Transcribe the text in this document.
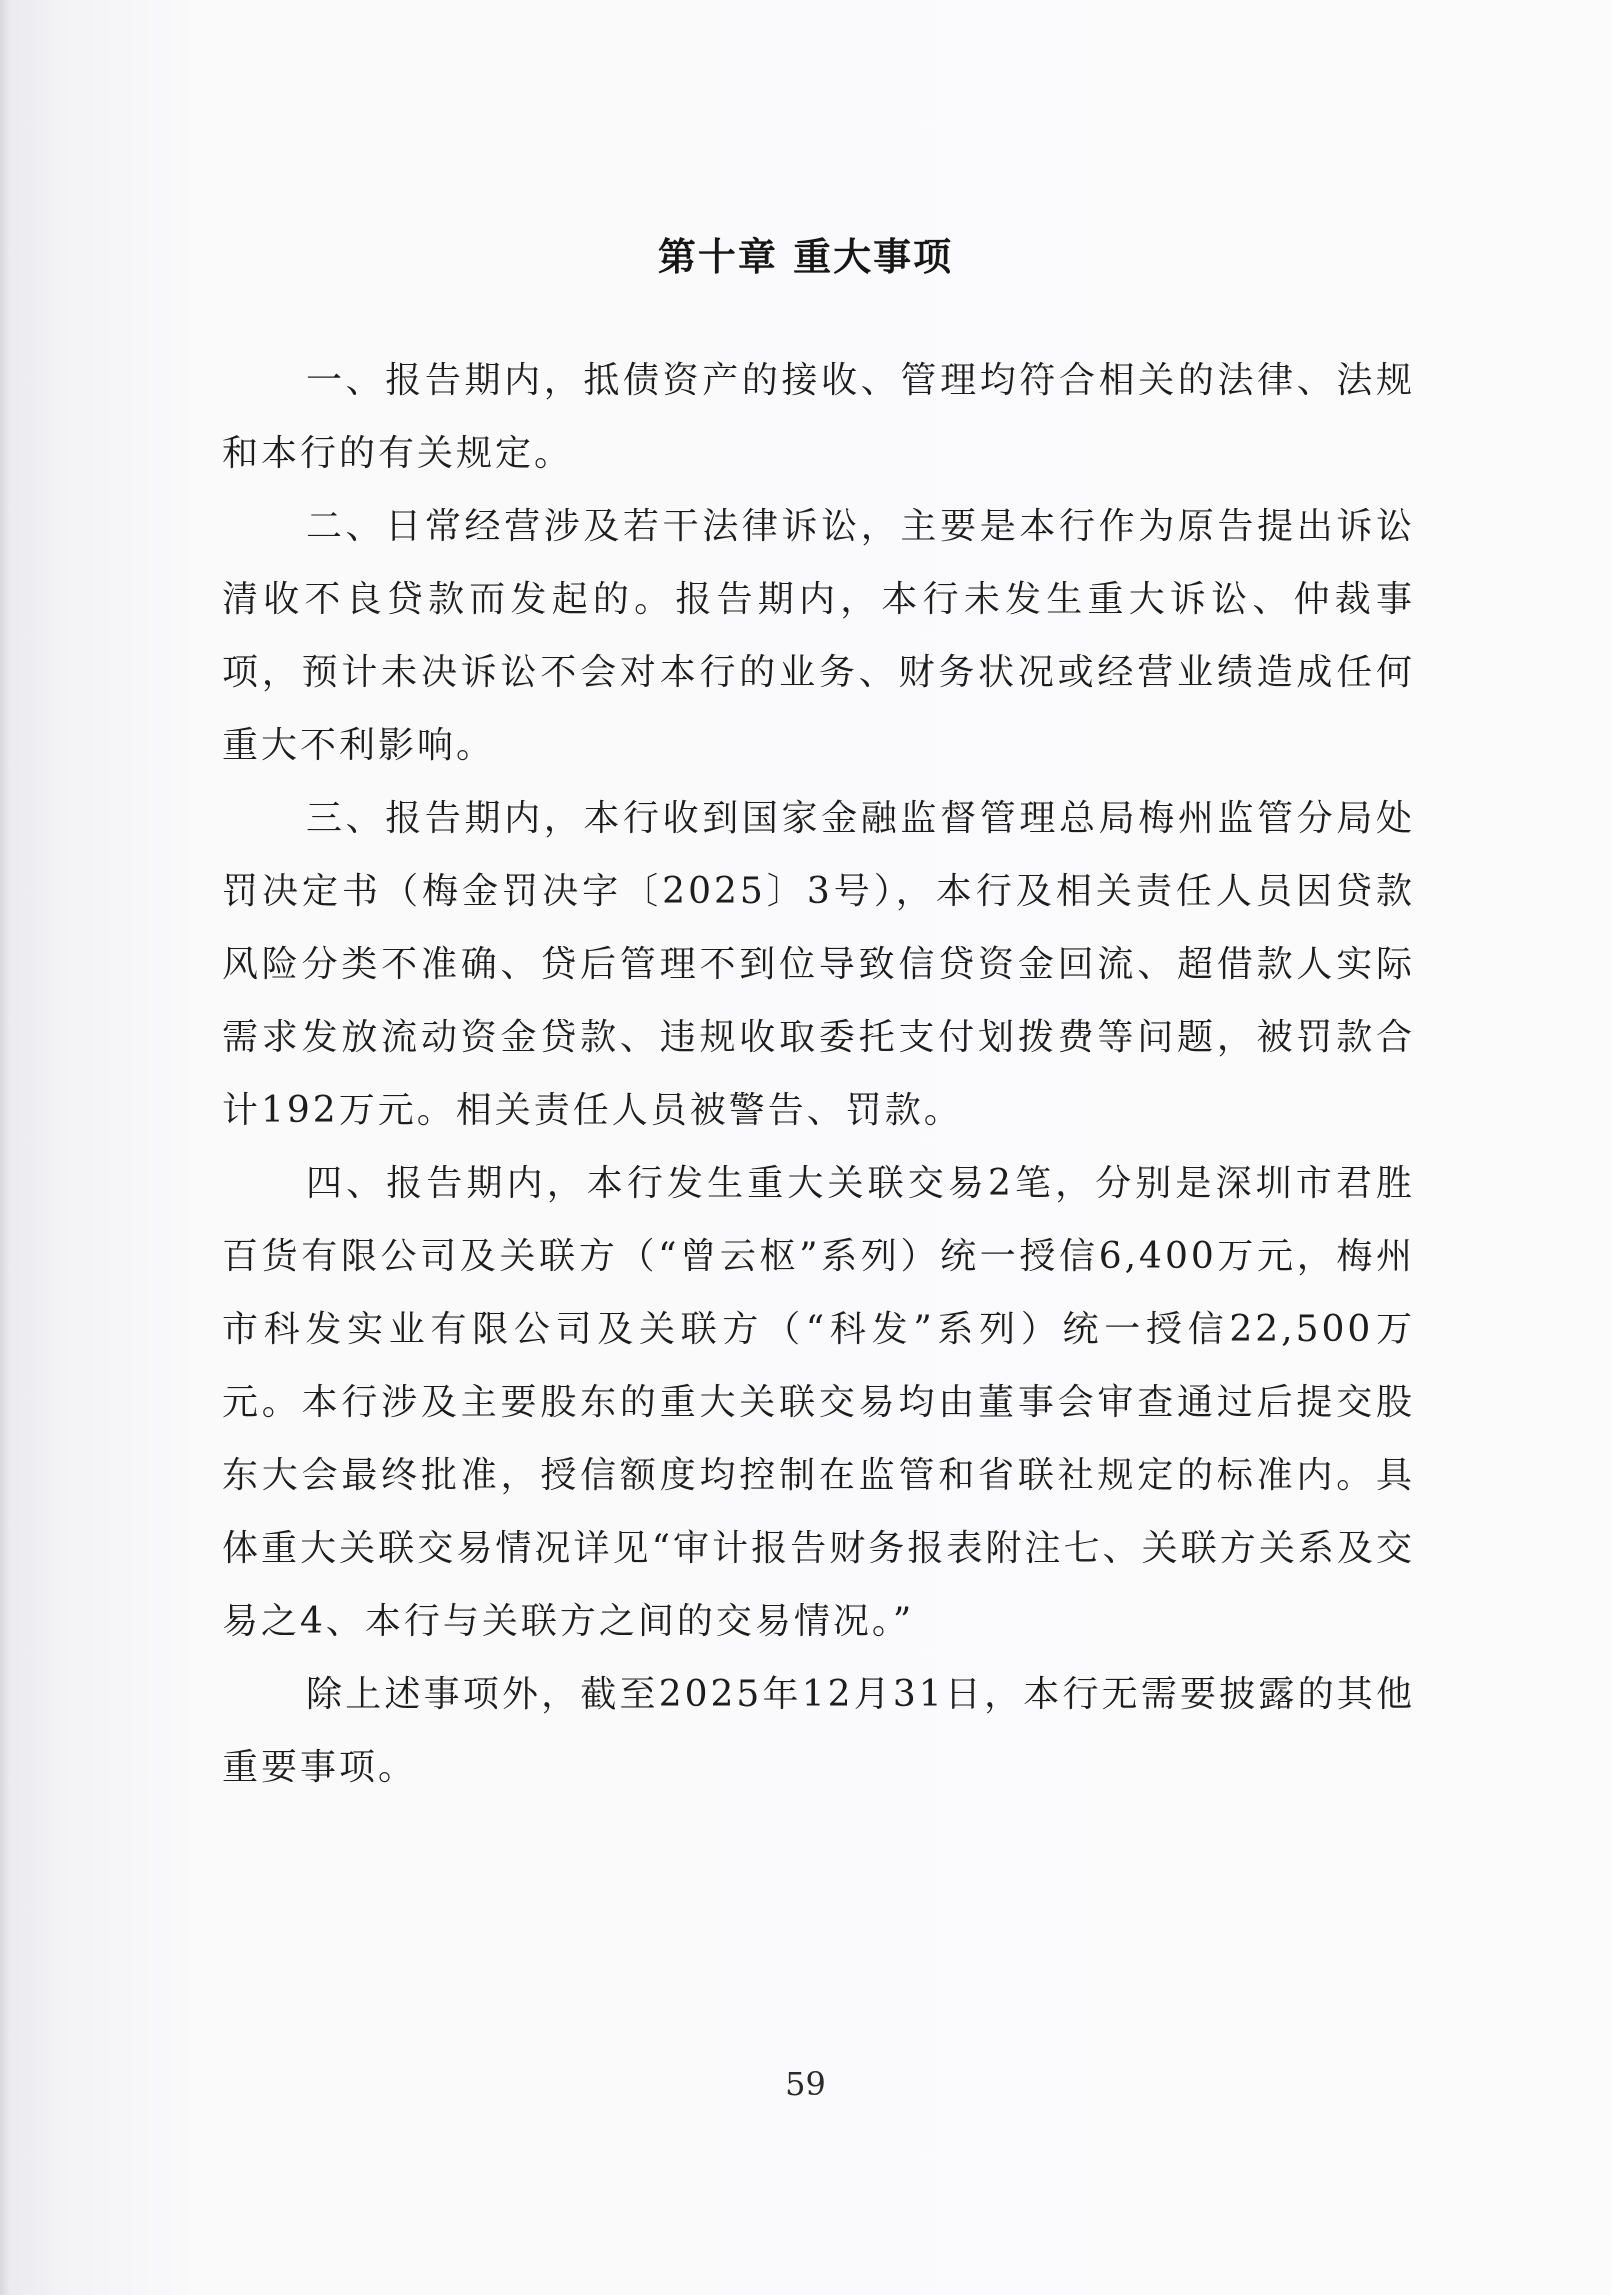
第十章 重大事项

一、报告期内，抵债资产的接收、管理均符合相关的法律、法规和本行的有关规定。

二、日常经营涉及若干法律诉讼，主要是本行作为原告提出诉讼清收不良贷款而发起的。报告期内，本行未发生重大诉讼、仲裁事项，预计未决诉讼不会对本行的业务、财务状况或经营业绩造成任何重大不利影响。

三、报告期内，本行收到国家金融监督管理总局梅州监管分局处罚决定书（梅金罚决字〔2025〕3号），本行及相关责任人员因贷款风险分类不准确、贷后管理不到位导致信贷资金回流、超借款人实际需求发放流动资金贷款、违规收取委托支付划拨费等问题，被罚款合计192万元。相关责任人员被警告、罚款。

四、报告期内，本行发生重大关联交易2笔，分别是深圳市君胜百货有限公司及关联方（“曾云枢”系列）统一授信6,400万元，梅州市科发实业有限公司及关联方（“科发”系列）统一授信22,500万元。本行涉及主要股东的重大关联交易均由董事会审查通过后提交股东大会最终批准，授信额度均控制在监管和省联社规定的标准内。具体重大关联交易情况详见“审计报告财务报表附注七、关联方关系及交易之4、本行与关联方之间的交易情况。”

除上述事项外，截至2025年12月31日，本行无需要披露的其他重要事项。

59
